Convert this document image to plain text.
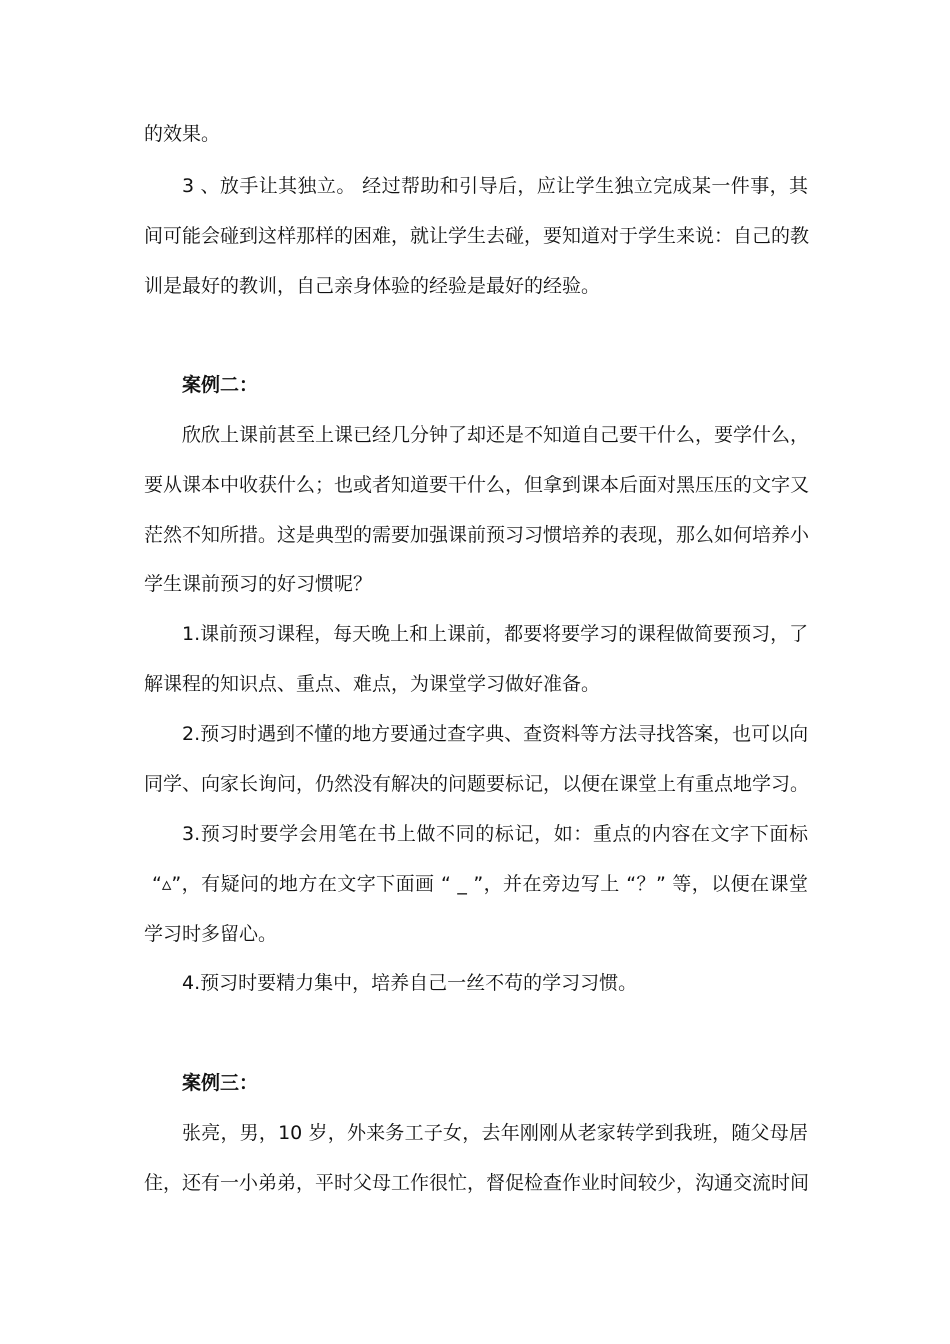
的效果。
3 、放手让其独立。 经过帮助和引导后，应让学生独立完成某一件事，其
间可能会碰到这样那样的困难，就让学生去碰，要知道对于学生来说：自己的教
训是最好的教训，自己亲身体验的经验是最好的经验。
案例二：
欣欣上课前甚至上课已经几分钟了却还是不知道自己要干什么，要学什么，
要从课本中收获什么；也或者知道要干什么，但拿到课本后面对黑压压的文字又
茫然不知所措。这是典型的需要加强课前预习习惯培养的表现，那么如何培养小
学生课前预习的好习惯呢？
1.课前预习课程，每天晚上和上课前，都要将要学习的课程做简要预习，了
解课程的知识点、重点、难点，为课堂学习做好准备。
2.预习时遇到不懂的地方要通过查字典、查资料等方法寻找答案，也可以向
同学、向家长询问，仍然没有解决的问题要标记，以便在课堂上有重点地学习。
3.预习时要学会用笔在书上做不同的标记，如：重点的内容在文字下面标
“▵”，有疑问的地方在文字下面画 “ _ ”，并在旁边写上 “？” 等，以便在课堂
学习时多留心。
4.预习时要精力集中，培养自己一丝不苟的学习习惯。
案例三：
张亮，男，10 岁，外来务工子女，去年刚刚从老家转学到我班，随父母居
住，还有一小弟弟，平时父母工作很忙，督促检查作业时间较少，沟通交流时间
